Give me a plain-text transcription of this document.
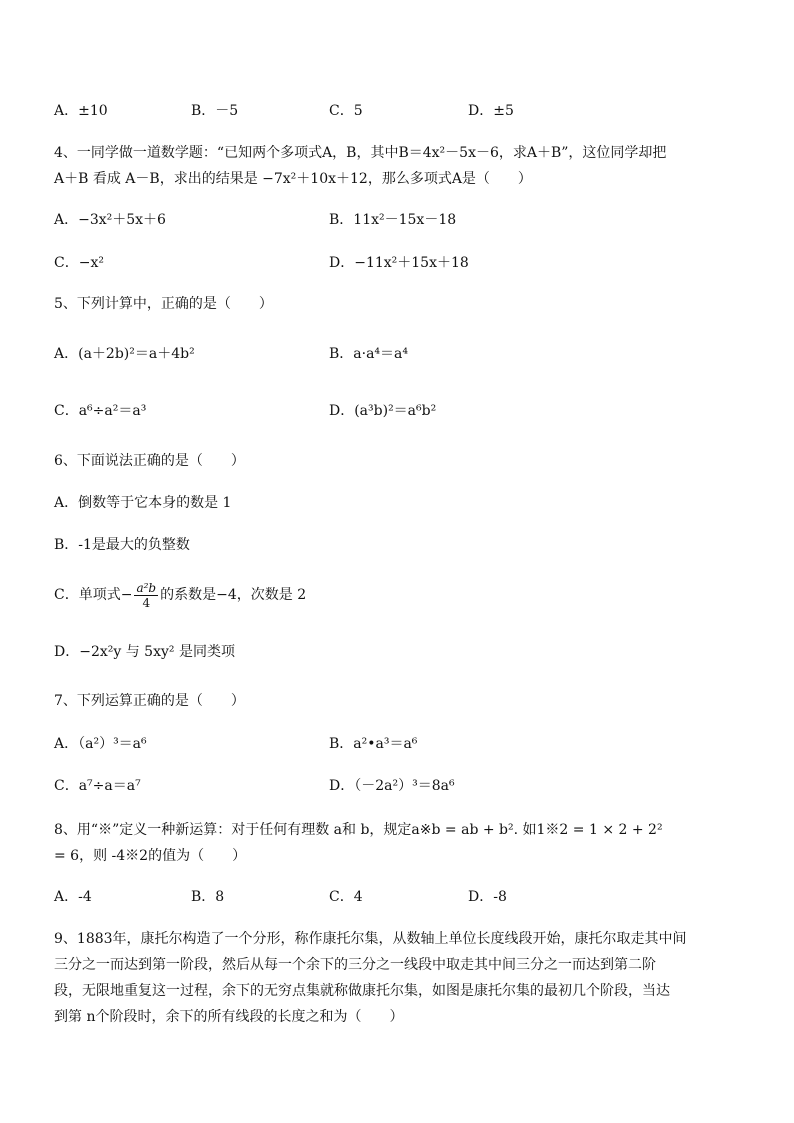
A．±10	B．－5	C．5	D．±5
4、一同学做一道数学题：“已知两个多项式A，B，其中B＝4x²－5x－6，求A＋B”，这位同学却把
A＋B 看成 A－B，求出的结果是 −7x²＋10x＋12，那么多项式A是（　　）
A．−3x²＋5x＋6	B．11x²－15x－18
C．−x²	D．−11x²＋15x＋18
5、下列计算中，正确的是（　　）
A．(a＋2b)²＝a＋4b²	B．a·a⁴＝a⁴
C．a⁶÷a²＝a³	D．(a³b)²＝a⁶b²
6、下面说法正确的是（　　）
A．倒数等于它本身的数是 1
B．-1是最大的负整数
C．单项式− $\frac{\text{a²b}}{4}$ 的系数是−4，次数是 2
D．−2x²y 与 5xy² 是同类项
7、下列运算正确的是（　　）
A．（a²）³＝a⁶	B．a²•a³＝a⁶
C．a⁷÷a＝a⁷	D．（－2a²）³＝8a⁶
8、用“※”定义一种新运算：对于任何有理数 a和 b，规定a※b = ab + b². 如1※2 = 1 × 2 + 2²
= 6，则 -4※2的值为（　　）
A．-4	B．8	C．4	D．-8
9、1883年，康托尔构造了一个分形，称作康托尔集，从数轴上单位长度线段开始，康托尔取走其中间
三分之一而达到第一阶段，然后从每一个余下的三分之一线段中取走其中间三分之一而达到第二阶
段，无限地重复这一过程，余下的无穷点集就称做康托尔集，如图是康托尔集的最初几个阶段，当达
到第 n个阶段时，余下的所有线段的长度之和为（　　）
